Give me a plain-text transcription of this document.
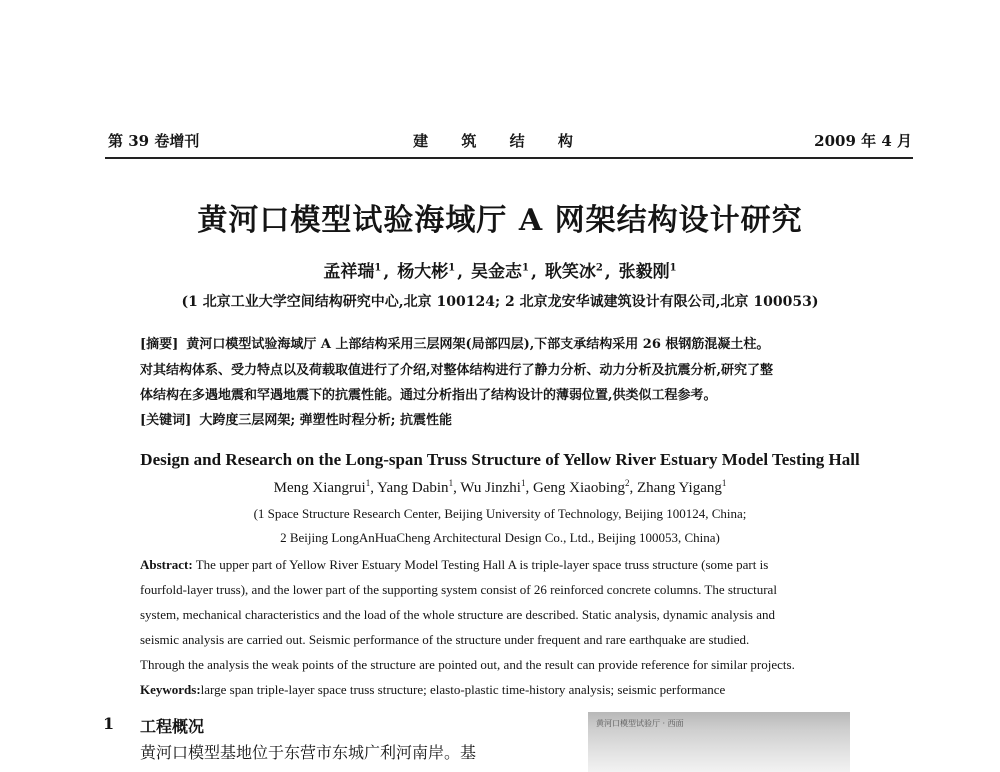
第 39 卷增刊	建 筑 结 构	2009 年 4 月
黄河口模型试验海域厅 A 网架结构设计研究
孟祥瑞$^1$ , 杨大彬$^1$ , 吴金志$^1$ , 耿笑冰$^2$ , 张毅刚$^1$
(1 北京工业大学空间结构研究中心,北京 100124; 2 北京龙安华诚建筑设计有限公司,北京 100053)
[摘要] 黄河口模型试验海域厅 A 上部结构采用三层网架(局部四层),下部支承结构采用 26 根钢筋混凝土柱。
对其结构体系、受力特点以及荷载取值进行了介绍,对整体结构进行了静力分析、动力分析及抗震分析,研究了整
体结构在多遇地震和罕遇地震下的抗震性能。通过分析指出了结构设计的薄弱位置,供类似工程参考。
[关键词] 大跨度三层网架; 弹塑性时程分析; 抗震性能
Design and Research on the Long-span Truss Structure of Yellow River Estuary Model Testing Hall
Meng Xiangrui$^1$, Yang Dabin$^1$, Wu Jinzhi$^1$, Geng Xiaobing$^2$, Zhang Yigang$^1$
(1 Space Structure Research Center, Beijing University of Technology, Beijing 100124, China;
2 Beijing LongAnHuaCheng Architectural Design Co., Ltd., Beijing 100053, China)
Abstract: The upper part of Yellow River Estuary Model Testing Hall A is triple-layer space truss structure (some part is
fourfold-layer truss), and the lower part of the supporting system consist of 26 reinforced concrete columns. The structural
system, mechanical characteristics and the load of the whole structure are described. Static analysis, dynamic analysis and
seismic analysis are carried out. Seismic performance of the structure under frequent and rare earthquake are studied.
Through the analysis the weak points of the structure are pointed out, and the result can provide reference for similar projects.
Keywords:large span triple-layer space truss structure; elasto-plastic time-history analysis; seismic performance
1 工程概况
黄河口模型基地位于东营市东城广利河南岸。基
黄河口模型试验厅 · 西面
